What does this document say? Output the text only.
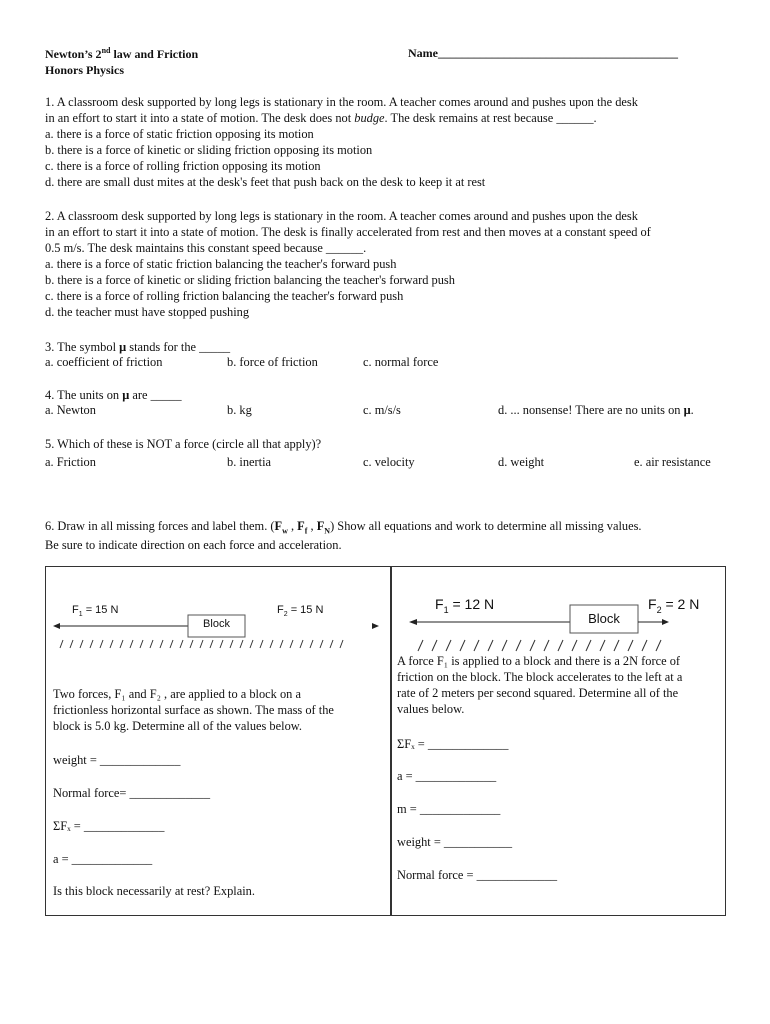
Newton’s 2nd law and Friction
Honors Physics
Name________________________________________
1. A classroom desk supported by long legs is stationary in the room. A teacher comes around and pushes upon the desk
in an effort to start it into a state of motion. The desk does not budge. The desk remains at rest because ______.
a. there is a force of static friction opposing its motion
b. there is a force of kinetic or sliding friction opposing its motion
c. there is a force of rolling friction opposing its motion
d. there are small dust mites at the desk's feet that push back on the desk to keep it at rest
2. A classroom desk supported by long legs is stationary in the room. A teacher comes around and pushes upon the desk
in an effort to start it into a state of motion. The desk is finally accelerated from rest and then moves at a constant speed of
0.5 m/s. The desk maintains this constant speed because ______.
a. there is a force of static friction balancing the teacher's forward push
b. there is a force of kinetic or sliding friction balancing the teacher's forward push
c. there is a force of rolling friction balancing the teacher's forward push
d. the teacher must have stopped pushing
3. The symbol μ stands for the _____
a. coefficient of friction	b. force of friction	c. normal force
4. The units on μ are _____
a. Newton	b. kg	c. m/s/s	d. ... nonsense! There are no units on μ.
5. Which of these is NOT a force (circle all that apply)?
a. Friction	b. inertia	c. velocity	d. weight	e. air resistance
6. Draw in all missing forces and label them. ($F_w$ , $F_f$ , $F_N$) Show all equations and work to determine all missing values.
Be sure to indicate direction on each force and acceleration.
$F_1 = 15$ N	$F_2 = 15$ N
Block
Two forces, F₁ and F₂ , are applied to a block on a
frictionless horizontal surface as shown. The mass of the
block is 5.0 kg. Determine all of the values below.
weight = _____________
Normal force= _____________
ΣFₓ = _____________
a = _____________
Is this block necessarily at rest? Explain.
$F_1 = 12$ N	$F_2 = 2$ N
Block
A force F₁ is applied to a block and there is a 2N force of
friction on the block. The block accelerates to the left at a
rate of 2 meters per second squared. Determine all of the
values below.
ΣFₓ = _____________
a = _____________
m = _____________
weight = ___________
Normal force = _____________
